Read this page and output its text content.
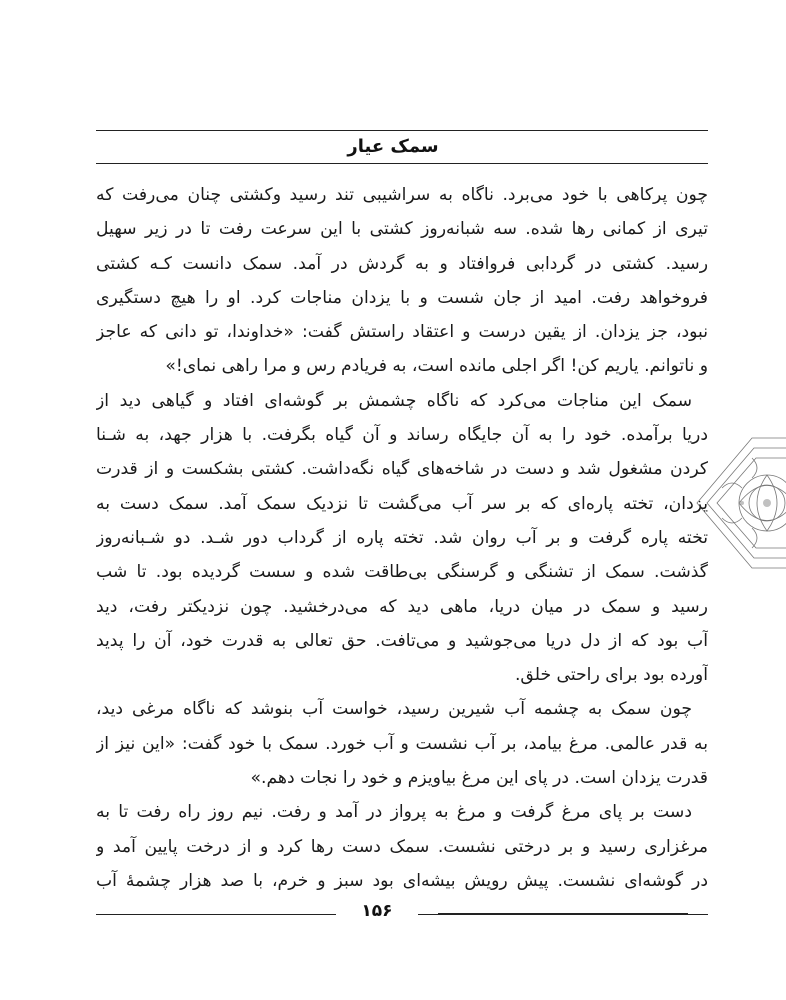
سمک عیار
چون پرکاهی با خود می‌برد. ناگاه به سراشیبی تند رسید وکشتی چنان می‌رفت که
تیری از کمانی رها شده. سه شبانه‌روز کشتی با این سرعت رفت تا در زیر سهیل
رسید. کشتی در گردابی فروافتاد و به گردش در آمد. سمک دانست کـه کشتی
فروخواهد رفت. امید از جان شست و با یزدان مناجات کرد. او را هیچ دستگیری
نبود، جز یزدان. از یقین درست و اعتقاد راستش گفت: «خداوندا، تو دانی که عاجز
و ناتوانم. یاریم کن! اگر اجلی مانده است، به فریادم رس و مرا راهی نمای!»
سمک این مناجات می‌کرد که ناگاه چشمش بر گوشه‌ای افتاد و گیاهی دید از
دریا برآمده. خود را به آن جایگاه رساند و آن گیاه بگرفت. با هزار جهد، به شـنا
کردن مشغول شد و دست در شاخه‌های گیاه نگه‌داشت. کشتی بشکست و از قدرت
یزدان، تخته پاره‌ای که بر سر آب می‌گشت تا نزدیک سمک آمد. سمک دست به
تخته پاره گرفت و بر آب روان شد. تخته پاره از گرداب دور شـد. دو شـبانه‌روز
گذشت. سمک از تشنگی و گرسنگی بی‌طاقت شده و سست گردیده بود. تا شب
رسید و سمک در میان دریا، ماهی دید که می‌درخشید. چون نزدیکتر رفت، دید
آب بود که از دل دریا می‌جوشید و می‌تافت. حق تعالی به قدرت خود، آن را پدید
آورده بود برای راحتی خلق.
چون سمک به چشمه آب شیرین رسید، خواست آب بنوشد که ناگاه مرغی دید،
به قدر عالمی. مرغ بیامد، بر آب نشست و آب خورد. سمک با خود گفت: «این نیز از
قدرت یزدان است. در پای این مرغ بیاویزم و خود را نجات دهم.»
دست بر پای مرغ گرفت و مرغ به پرواز در آمد و رفت. نیم روز راه رفت تا به
مرغزاری رسید و بر درختی نشست. سمک دست رها کرد و از درخت پایین آمد و
در گوشه‌ای نشست. پیش رویش بیشه‌ای بود سبز و خرم، با صد هزار چشمهٔ آب
۱۵۶
